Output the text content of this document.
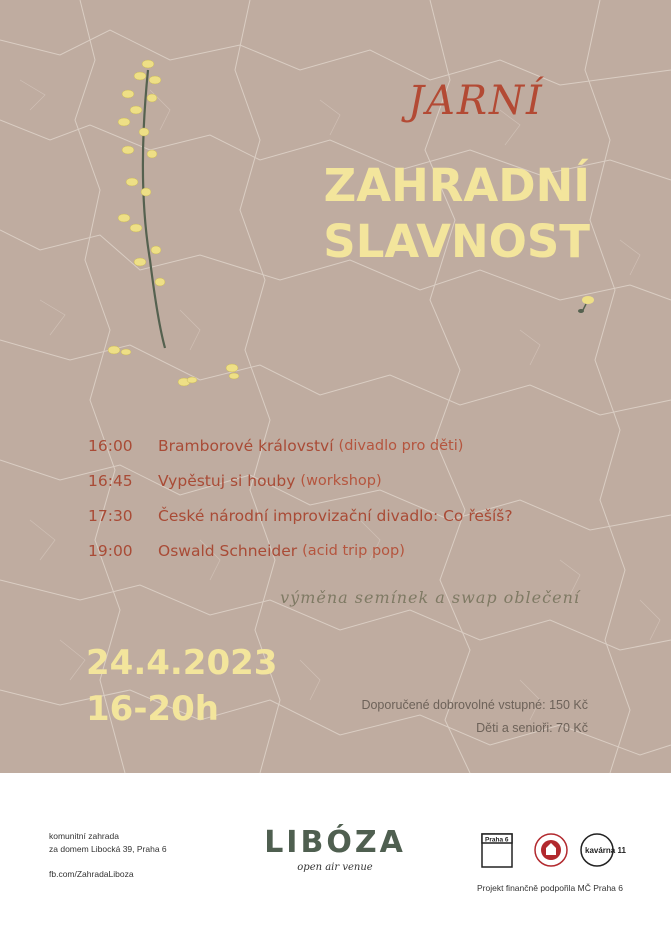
JARNÍ
ZAHRADNÍ
SLAVNOST
16:00	Bramborové království (divadlo pro děti)
16:45	Vypěstuj si houby (workshop)
17:30	České národní improvizační divadlo: Co řešíš?
19:00	Oswald Schneider (acid trip pop)
výměna semínek a swap oblečení
24.4.2023
16-20h	Doporučené dobrovolné vstupné: 150 Kč
Děti a senioři: 70 Kč
komunitní zahrada
za domem Libocká 39, Praha 6
fb.com/ZahradaLiboza
LIBÓZA
open air venue
Praha 6
kavárna 11
Projekt finančně podpořila MČ Praha 6
